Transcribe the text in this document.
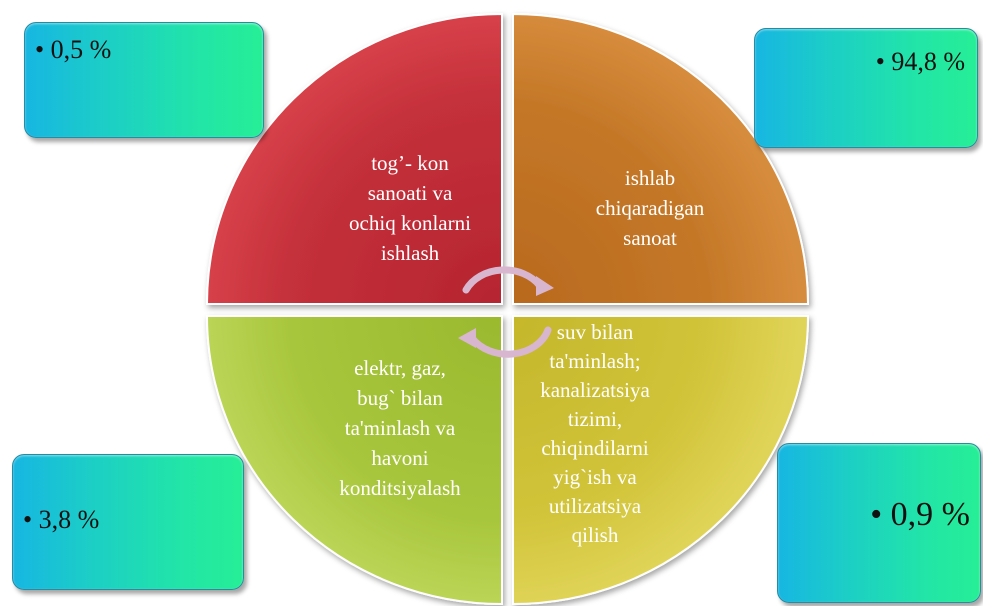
tog’- kon
sanoati va
ochiq konlarni
ishlash
ishlab
chiqaradigan
sanoat
elektr, gaz,
bug` bilan
ta'minlash va
havoni
konditsiyalash
suv bilan
ta'minlash;
kanalizatsiya
tizimi,
chiqindilarni
yig`ish va
utilizatsiya
qilish
• 0,5 %	• 94,8 %
• 3,8 %	• 0,9 %
